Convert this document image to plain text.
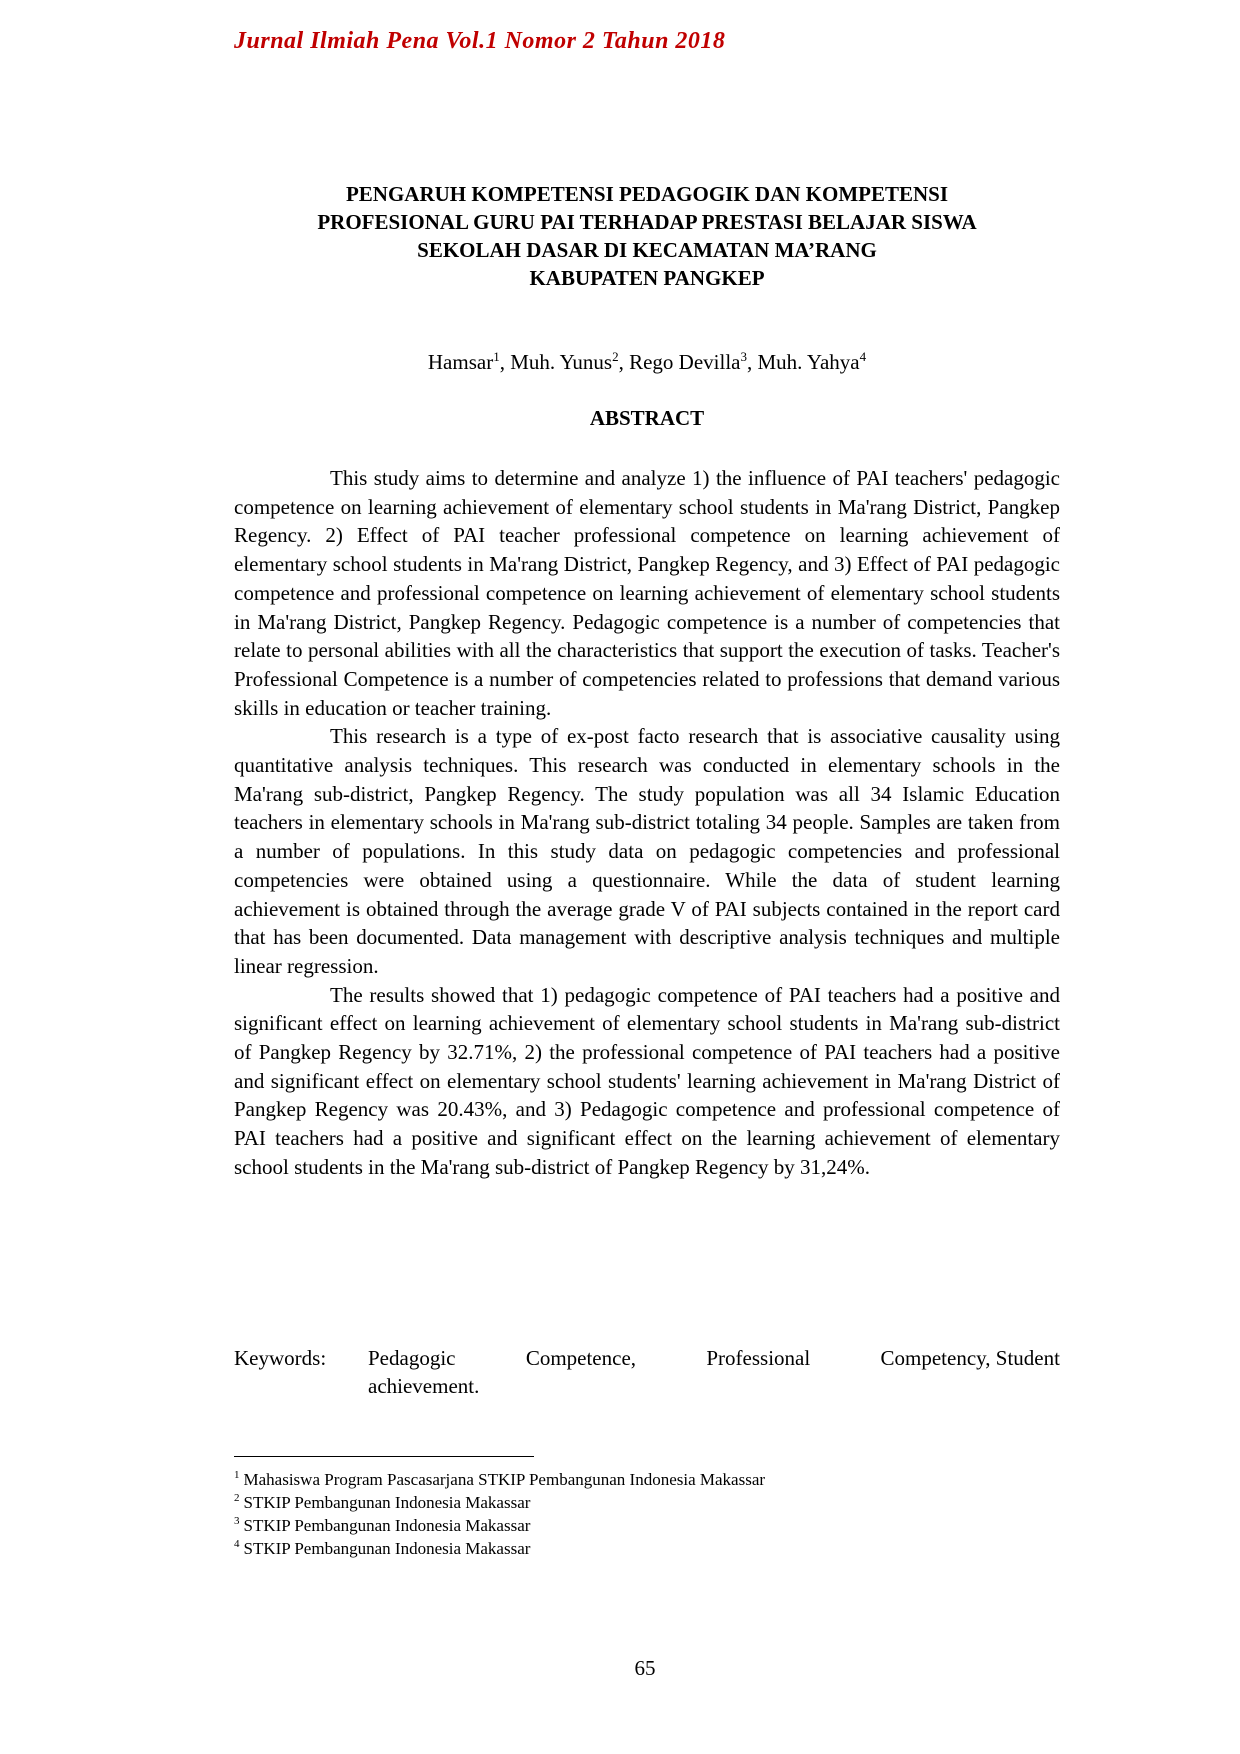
Jurnal Ilmiah Pena Vol.1 Nomor 2 Tahun 2018
PENGARUH KOMPETENSI PEDAGOGIK DAN KOMPETENSI
PROFESIONAL GURU PAI TERHADAP PRESTASI BELAJAR SISWA
SEKOLAH DASAR DI KECAMATAN MA’RANG
KABUPATEN PANGKEP
Hamsar$^1$, Muh. Yunus$^2$, Rego Devilla$^3$, Muh. Yahya$^4$
ABSTRACT

This study aims to determine and analyze 1) the influence of PAI teachers' pedagogic competence on learning achievement of elementary school students in Ma'rang District, Pangkep Regency. 2) Effect of PAI teacher professional competence on learning achievement of elementary school students in Ma'rang District, Pangkep Regency, and 3) Effect of PAI pedagogic competence and professional competence on learning achievement of elementary school students in Ma'rang District, Pangkep Regency. Pedagogic competence is a number of competencies that relate to personal abilities with all the characteristics that support the execution of tasks. Teacher's Professional Competence is a number of competencies related to professions that demand various skills in education or teacher training.

This research is a type of ex-post facto research that is associative causality using quantitative analysis techniques. This research was conducted in elementary schools in the Ma'rang sub-district, Pangkep Regency. The study population was all 34 Islamic Education teachers in elementary schools in Ma'rang sub-district totaling 34 people. Samples are taken from a number of populations. In this study data on pedagogic competencies and professional competencies were obtained using a questionnaire. While the data of student learning achievement is obtained through the average grade V of PAI subjects contained in the report card that has been documented. Data management with descriptive analysis techniques and multiple linear regression.

The results showed that 1) pedagogic competence of PAI teachers had a positive and significant effect on learning achievement of elementary school students in Ma'rang sub-district of Pangkep Regency by 32.71%, 2) the professional competence of PAI teachers had a positive and significant effect on elementary school students' learning achievement in Ma'rang District of Pangkep Regency was 20.43%, and 3) Pedagogic competence and professional competence of PAI teachers had a positive and significant effect on the learning achievement of elementary school students in the Ma'rang sub-district of Pangkep Regency by 31,24%.

Keywords:	Pedagogic	Competence,	Professional	Competency, Student
achievement.
$^1$ Mahasiswa Program Pascasarjana STKIP Pembangunan Indonesia Makassar
$^2$ STKIP Pembangunan Indonesia Makassar
$^3$ STKIP Pembangunan Indonesia Makassar
$^4$ STKIP Pembangunan Indonesia Makassar
65
